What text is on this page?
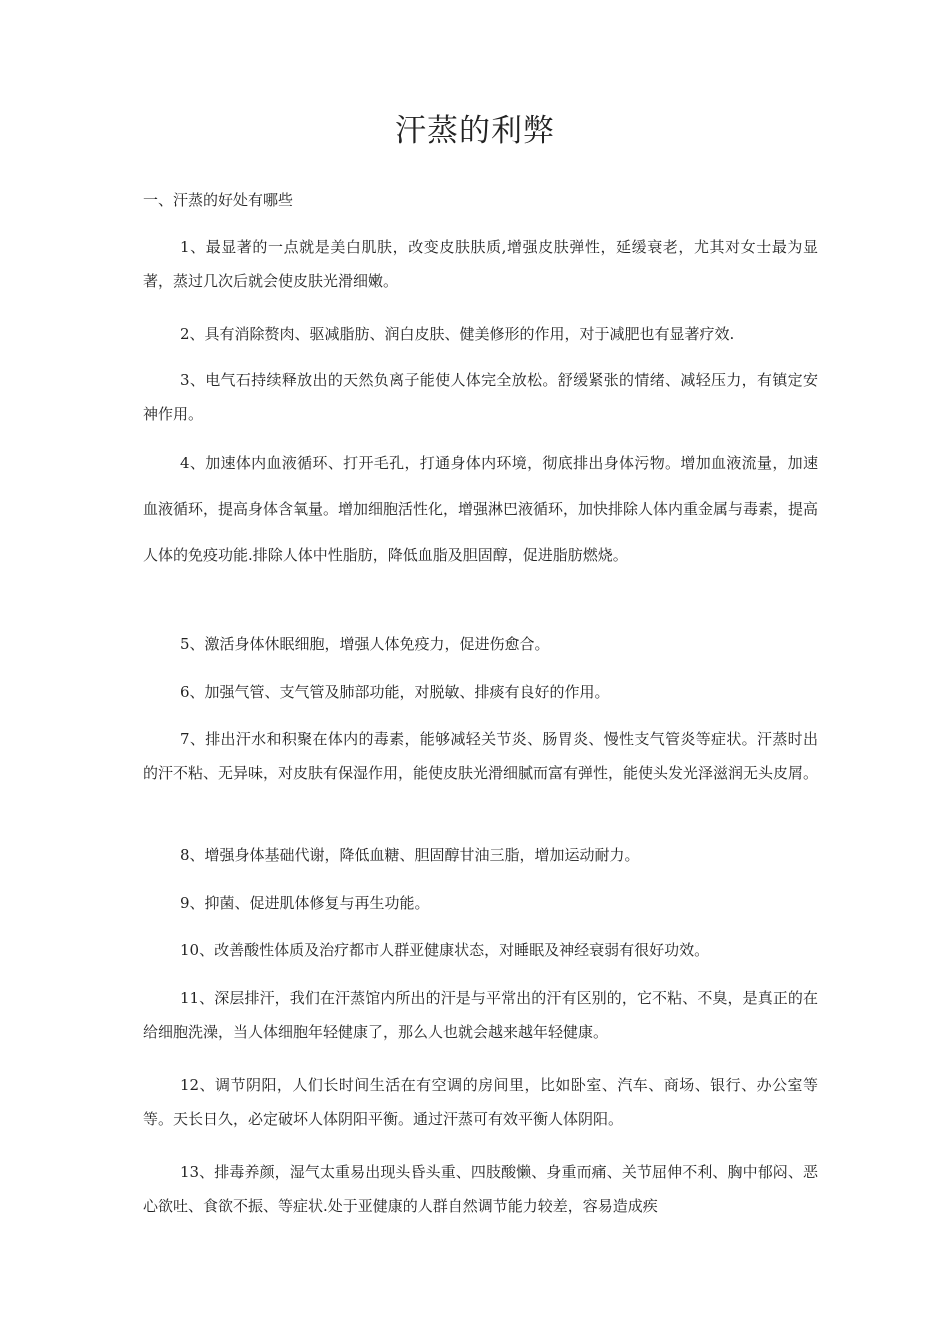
汗蒸的利弊
一、汗蒸的好处有哪些

1、最显著的一点就是美白肌肤，改变皮肤肤质,增强皮肤弹性，延缓衰老，尤其对女士最为显著，蒸过几次后就会使皮肤光滑细嫩。

2、具有消除赘肉、驱减脂肪、润白皮肤、健美修形的作用，对于减肥也有显著疗效.

3、电气石持续释放出的天然负离子能使人体完全放松。舒缓紧张的情绪、减轻压力，有镇定安神作用。

4、加速体内血液循环、打开毛孔，打通身体内环境，彻底排出身体污物。增加血液流量，加速血液循环，提高身体含氧量。增加细胞活性化，增强淋巴液循环，加快排除人体内重金属与毒素，提高人体的免疫功能.排除人体中性脂肪，降低血脂及胆固醇，促进脂肪燃烧。

5、激活身体休眠细胞，增强人体免疫力，促进伤愈合。

6、加强气管、支气管及肺部功能，对脱敏、排痰有良好的作用。

7、排出汗水和积聚在体内的毒素，能够减轻关节炎、肠胃炎、慢性支气管炎等症状。汗蒸时出的汗不粘、无异味，对皮肤有保湿作用，能使皮肤光滑细腻而富有弹性，能使头发光泽滋润无头皮屑。

8、增强身体基础代谢，降低血糖、胆固醇甘油三脂，增加运动耐力。

9、抑菌、促进肌体修复与再生功能。

10、改善酸性体质及治疗都市人群亚健康状态，对睡眠及神经衰弱有很好功效。

11、深层排汗，我们在汗蒸馆内所出的汗是与平常出的汗有区别的，它不粘、不臭，是真正的在给细胞洗澡，当人体细胞年轻健康了，那么人也就会越来越年轻健康。

12、调节阴阳，人们长时间生活在有空调的房间里，比如卧室、汽车、商场、银行、办公室等等。天长日久，必定破坏人体阴阳平衡。通过汗蒸可有效平衡人体阴阳。

13、排毒养颜，湿气太重易出现头昏头重、四肢酸懒、身重而痛、关节屈伸不利、胸中郁闷、恶心欲吐、食欲不振、等症状.处于亚健康的人群自然调节能力较差，容易造成疾
